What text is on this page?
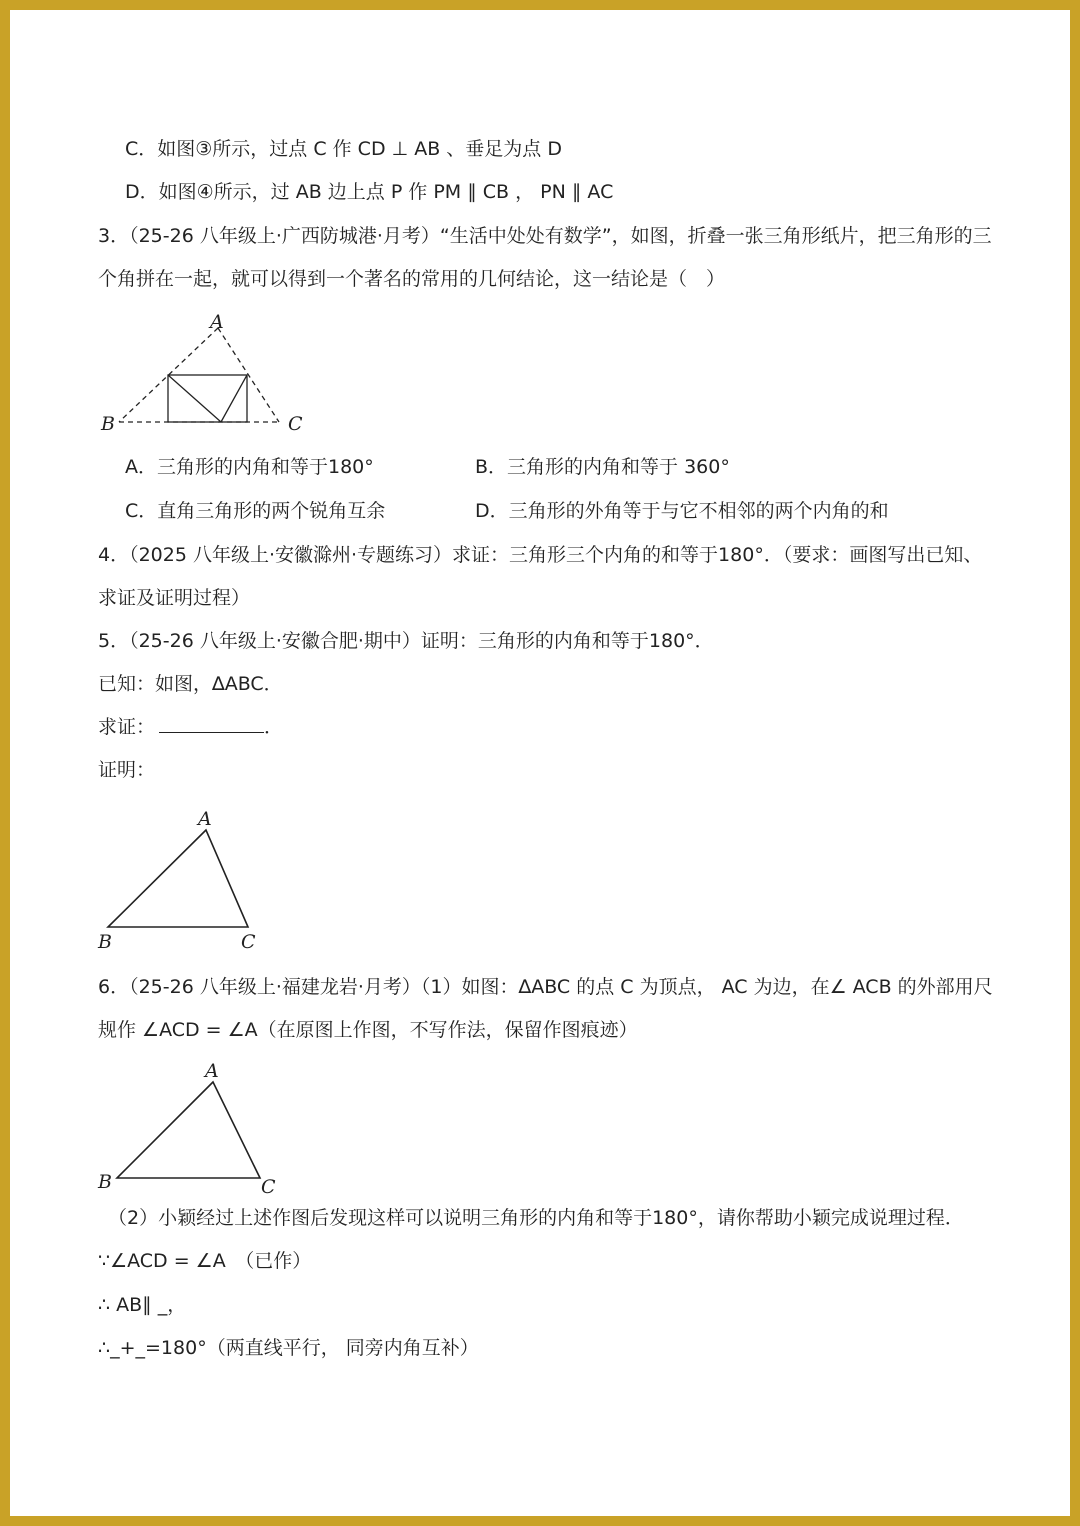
C．如图③所示，过点 C 作 CD ⊥ AB 、垂足为点 D
D．如图④所示，过 AB 边上点 P 作 PM ∥ CB ， PN ∥ AC
3．（25-26 八年级上·广西防城港·月考）“生活中处处有数学”，如图，折叠一张三角形纸片，把三角形的三
个角拼在一起，就可以得到一个著名的常用的几何结论，这一结论是（　）
A
B	C
A．三角形的内角和等于180°	B．三角形的内角和等于 360°
C．直角三角形的两个锐角互余	D．三角形的外角等于与它不相邻的两个内角的和
4．（2025 八年级上·安徽滁州·专题练习）求证：三角形三个内角的和等于180°．（要求：画图写出已知、
求证及证明过程）
5．（25-26 八年级上·安徽合肥·期中）证明：三角形的内角和等于180°．
已知：如图，∆ABC．
求证：	．
证明：
A
B	C
6．（25-26 八年级上·福建龙岩·月考）（1）如图：∆ABC 的点 C 为顶点， AC 为边，在∠ ACB 的外部用尺
规作 ∠ACD = ∠A（在原图上作图，不写作法，保留作图痕迹）
A
B	C
（2）小颖经过上述作图后发现这样可以说明三角形的内角和等于180°，请你帮助小颖完成说理过程．
∵∠ACD = ∠A　（已作）
∴ AB∥ _，
∴_+_=180°（两直线平行， 同旁内角互补）
